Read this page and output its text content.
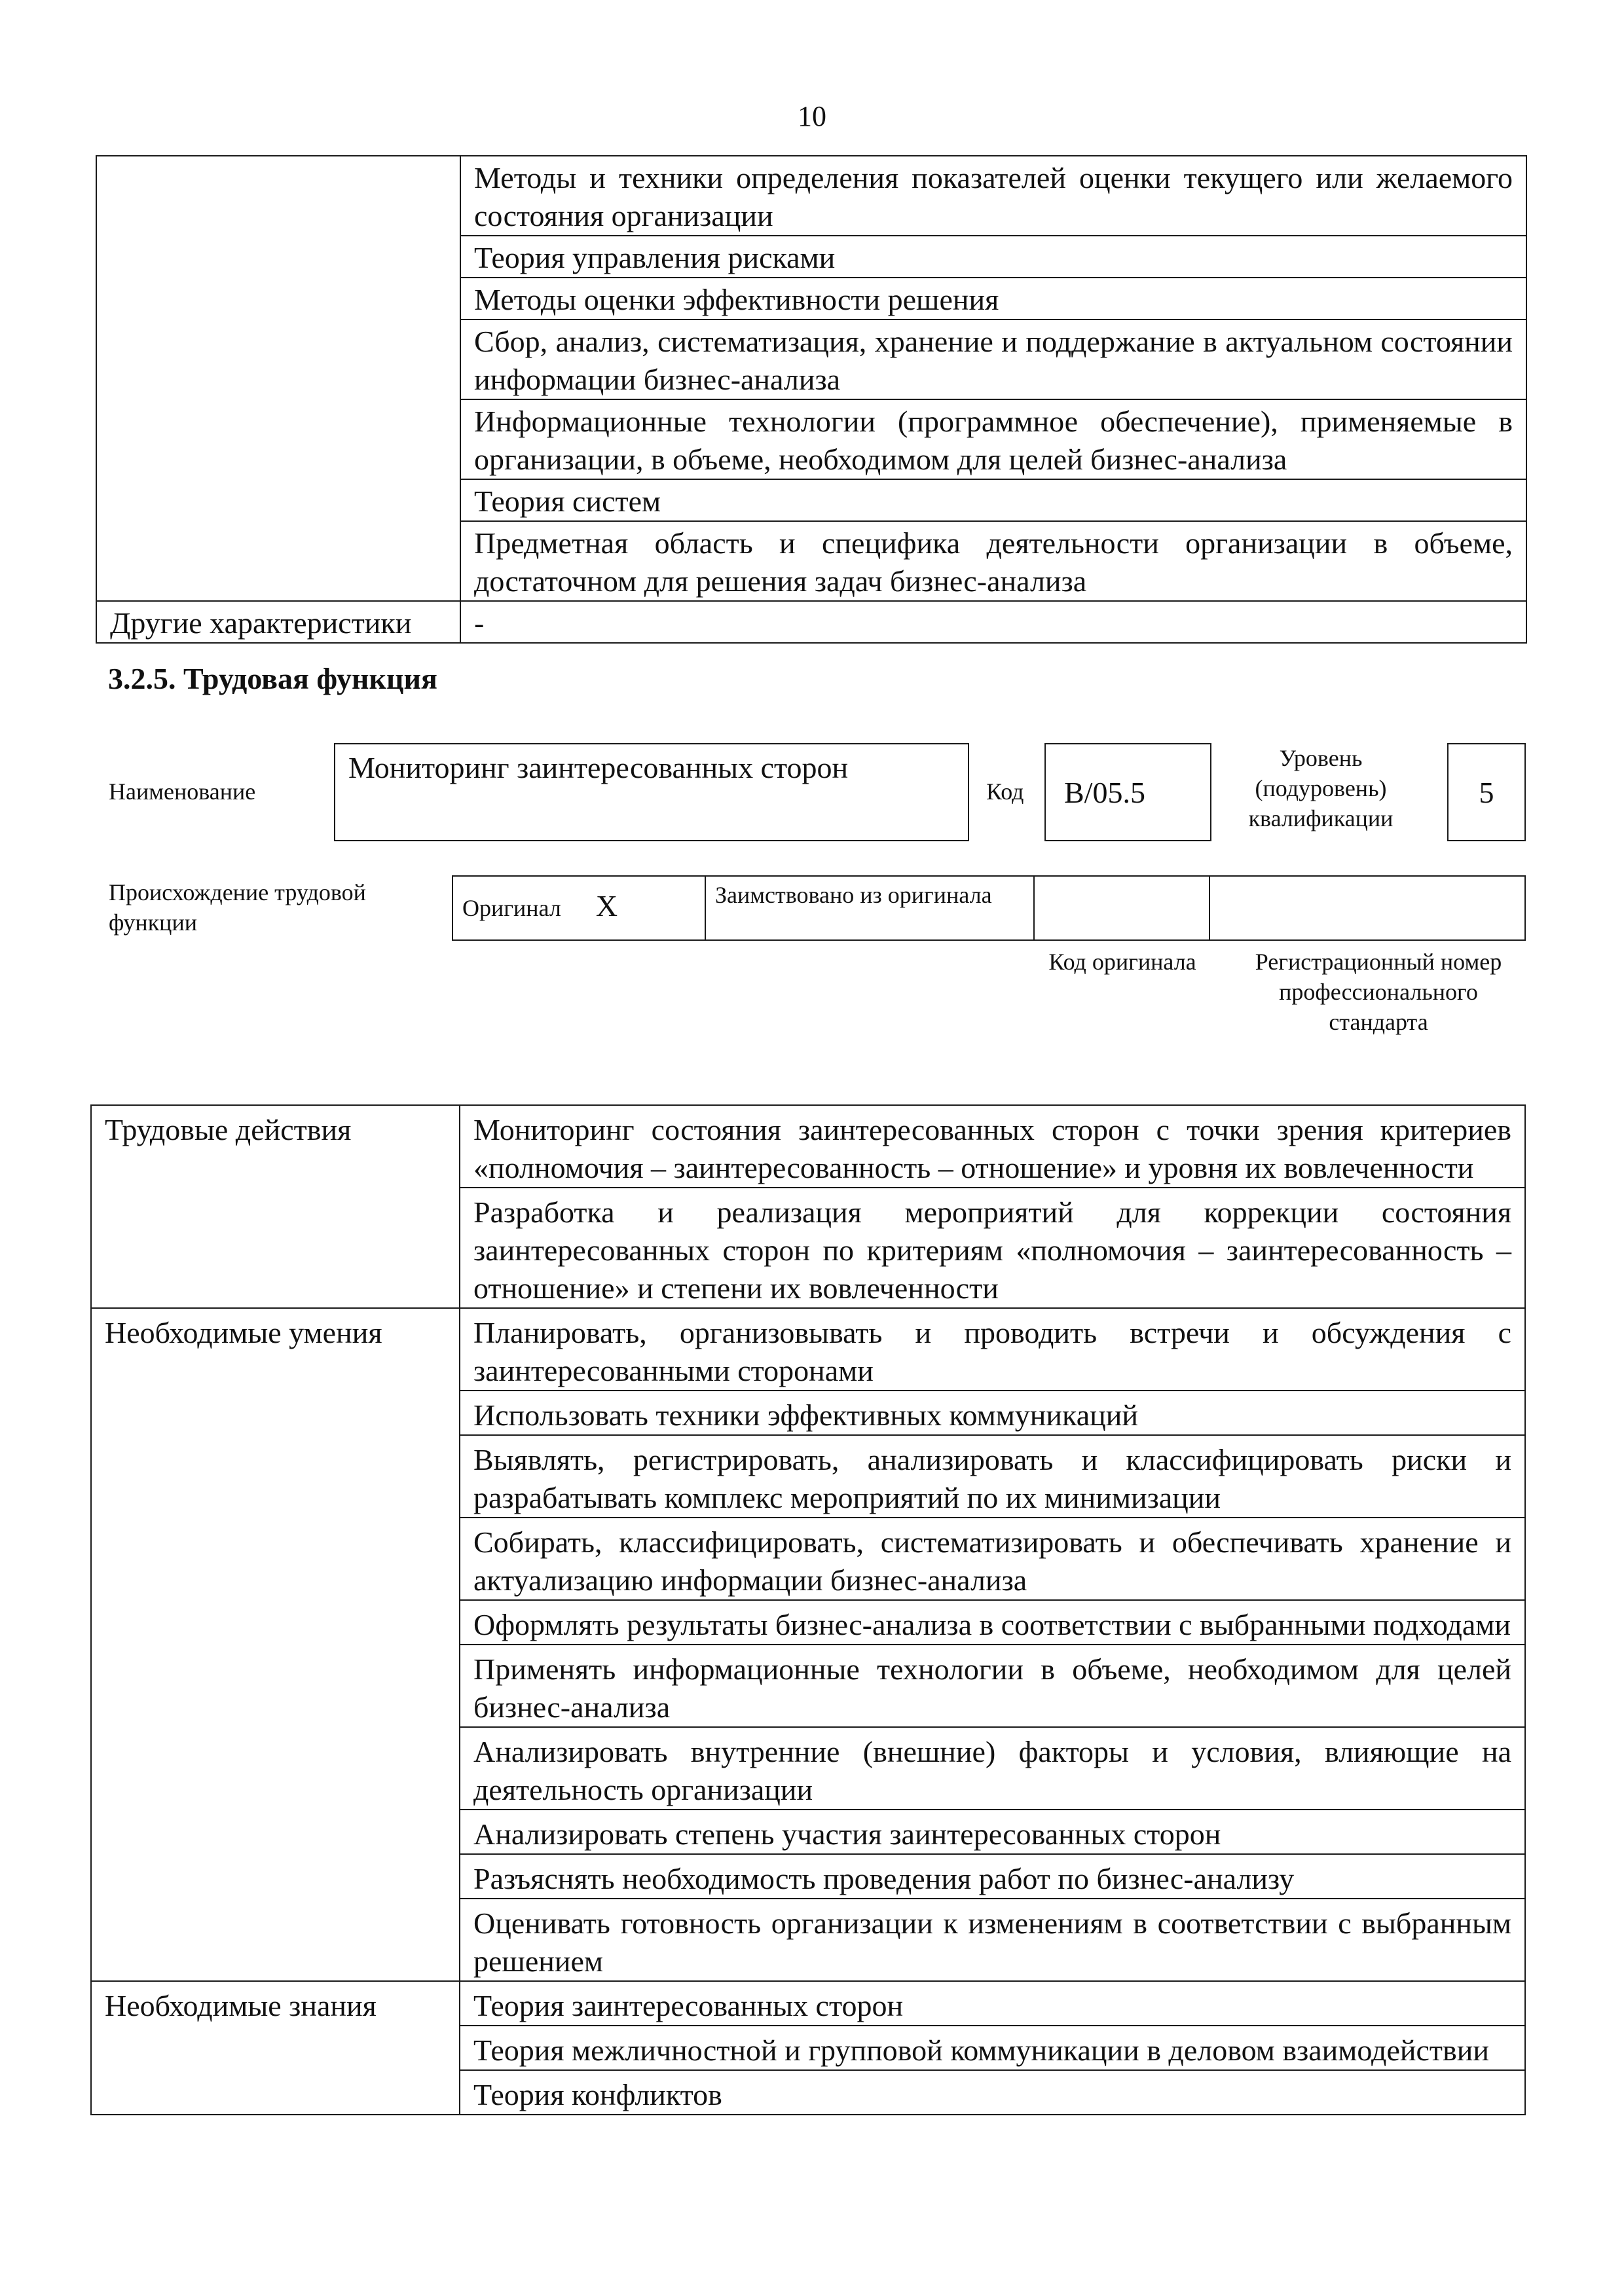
10
	Методы и техники определения показателей оценки текущего или желаемого состояния организации
	Теория управления рисками
	Методы оценки эффективности решения
	Сбор, анализ, систематизация, хранение и поддержание в актуальном состоянии информации бизнес-анализа
	Информационные технологии (программное обеспечение), применяемые в организации, в объеме, необходимом для целей бизнес-анализа
	Теория систем
	Предметная область и специфика деятельности организации в объеме, достаточном для решения задач бизнес-анализа
Другие характеристики	-
3.2.5. Трудовая функция
Наименование
Мониторинг заинтересованных сторон
Код	B/05.5
Уровень (подуровень) квалификации
5
Происхождение трудовой функции
Оригинал X	Заимствовано из оригинала		
Код оригинала	Регистрационный номер профессионального стандарта
Трудовые действия	Мониторинг состояния заинтересованных сторон с точки зрения критериев «полномочия – заинтересованность – отношение» и уровня их вовлеченности
	Разработка и реализация мероприятий для коррекции состояния заинтересованных сторон по критериям «полномочия – заинтересованность – отношение» и степени их вовлеченности
Необходимые умения	Планировать, организовывать и проводить встречи и обсуждения с заинтересованными сторонами
	Использовать техники эффективных коммуникаций
	Выявлять, регистрировать, анализировать и классифицировать риски и разрабатывать комплекс мероприятий по их минимизации
	Собирать, классифицировать, систематизировать и обеспечивать хранение и актуализацию информации бизнес-анализа
	Оформлять результаты бизнес-анализа в соответствии с выбранными подходами
	Применять информационные технологии в объеме, необходимом для целей бизнес-анализа
	Анализировать внутренние (внешние) факторы и условия, влияющие на деятельность организации
	Анализировать степень участия заинтересованных сторон
	Разъяснять необходимость проведения работ по бизнес-анализу
	Оценивать готовность организации к изменениям в соответствии с выбранным решением
Необходимые знания	Теория заинтересованных сторон
	Теория межличностной и групповой коммуникации в деловом взаимодействии
	Теория конфликтов
